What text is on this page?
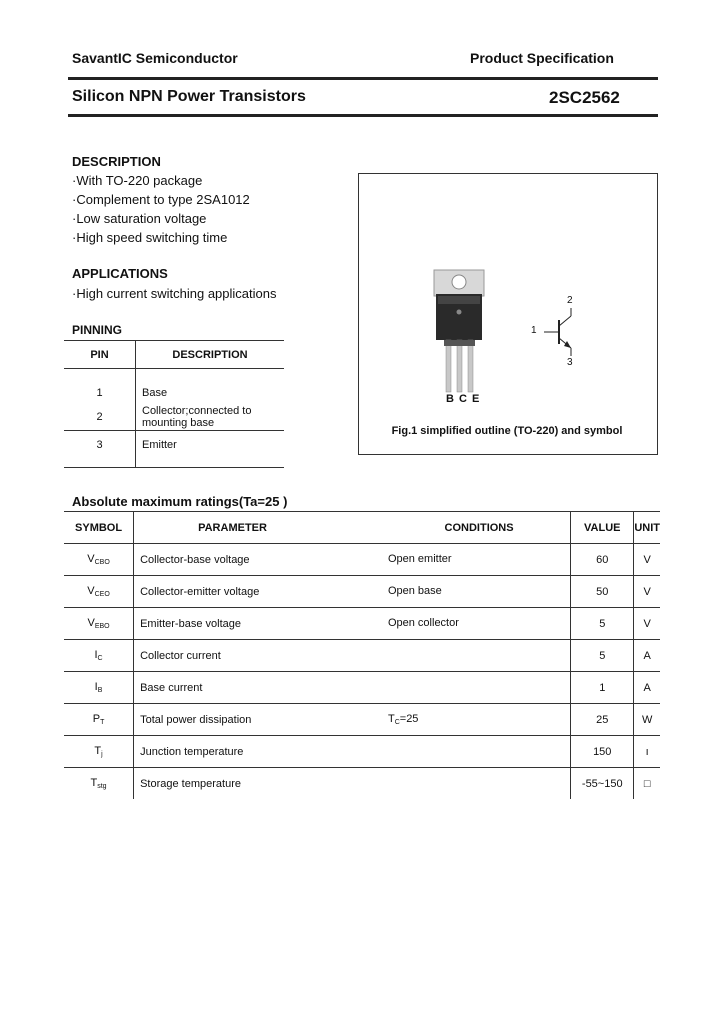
SavantIC Semiconductor	Product Specification
Silicon NPN Power Transistors	2SC2562
DESCRIPTION
·With TO-220 package
·Complement to type 2SA1012
·Low saturation voltage
·High speed switching time
APPLICATIONS
·High current switching applications
PINNING
PIN	DESCRIPTION
1	Base
2	Collector;connected to
mounting base

3	Emitter
B C E
1
2
3
Fig.1 simplified outline (TO-220) and symbol
Absolute maximum ratings(Ta=25 )
SYMBOL	PARAMETER	CONDITIONS	VALUE	UNIT
$V_{CBO}$	Collector-base voltage	Open emitter	60	V
$V_{CEO}$	Collector-emitter voltage	Open base	50	V
$V_{EBO}$	Emitter-base voltage	Open collector	5	V
$I_C$	Collector current		5	A
$I_B$	Base current		1	A
$P_T$	Total power dissipation	$T_C=25$	25	W
$T_j$	Junction temperature		150	ı
$T_{stg}$	Storage temperature		-55~150	□
